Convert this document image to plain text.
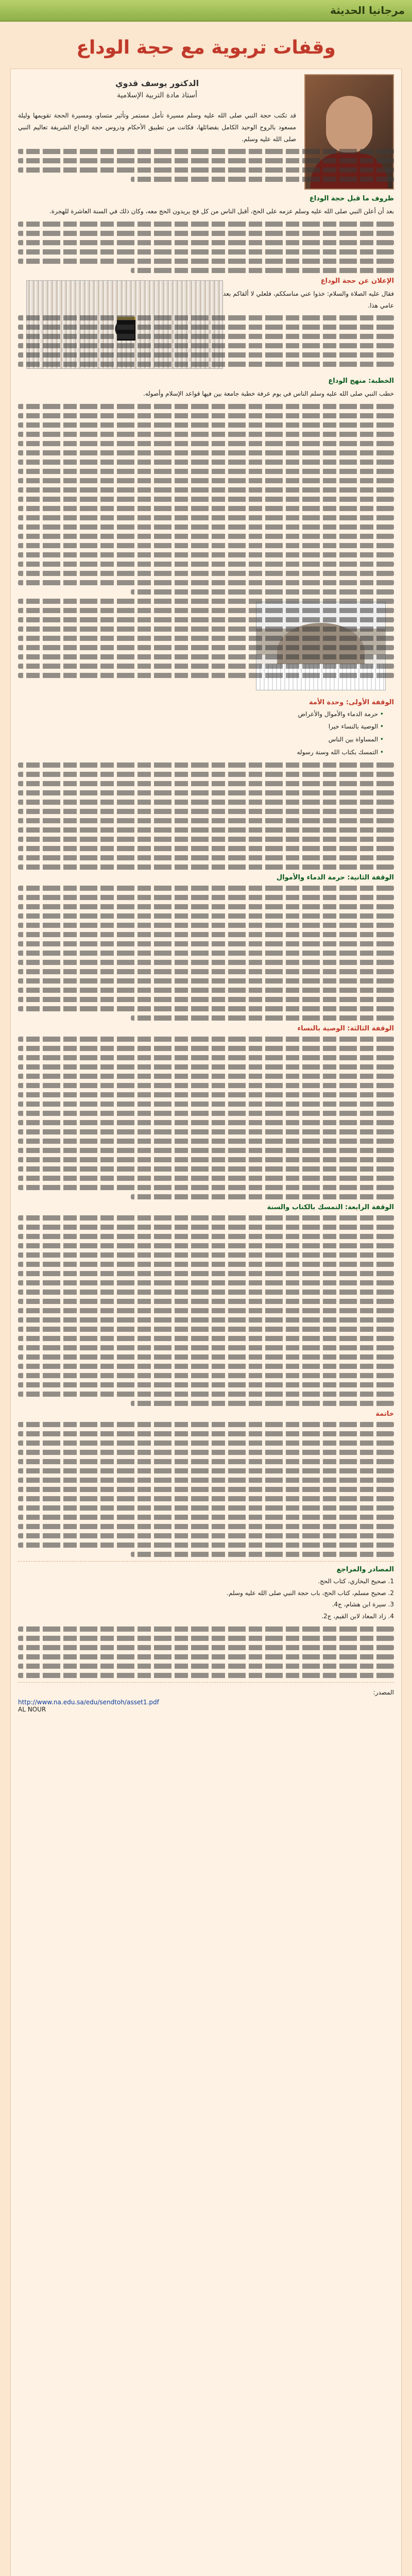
مرجانيا الحديثة
وقفات تربوية مع حجة الوداع
الدكتور يوسف قدوي
أستاذ مادة التربية الإسلامية

قد تكتب حجة النبي صلى الله عليه وسلم مسيرة تأمل مستمر وتأثير متساو، ومسيرة الحجة تقويمها وليلة مسعود بالروح الوحيد الكامل بفضائلها، فكانت من تطبيق الأحكام ودروس حجة الوداع الشريفة تعاليم النبي صلى الله عليه وسلم.

ظروف ما قبل حجة الوداع

بعد أن أعلن النبي صلى الله عليه وسلم عزمه على الحج، أقبل الناس من كل فج يريدون الحج معه، وكان ذلك في السنة العاشرة للهجرة.

الإعلان عن حجة الوداع

فقال عليه الصلاة والسلام: خذوا عني مناسككم، فلعلي لا ألقاكم بعد عامي هذا.

الخطبة: منهج الوداع

خطب النبي صلى الله عليه وسلم الناس في يوم عرفة خطبة جامعة بين فيها قواعد الإسلام وأصوله.

الوقفة الأولى: وحدة الأمة
• حرمة الدماء والأموال والأعراض
• الوصية بالنساء خيرا
• المساواة بين الناس
• التمسك بكتاب الله وسنة رسوله
الوقفة الثانية: حرمة الدماء والأموال
الوقفة الثالثة: الوصية بالنساء
الوقفة الرابعة: التمسك بالكتاب والسنة
خاتمة
المصادر والمراجع
1. صحيح البخاري، كتاب الحج.
2. صحيح مسلم، كتاب الحج، باب حجة النبي صلى الله عليه وسلم.
3. سيرة ابن هشام، ج4.
4. زاد المعاد لابن القيم، ج2.
المصدر:
http://www.na.edu.sa/edu/sendtoh/asset1.pdf
AL NOUR
